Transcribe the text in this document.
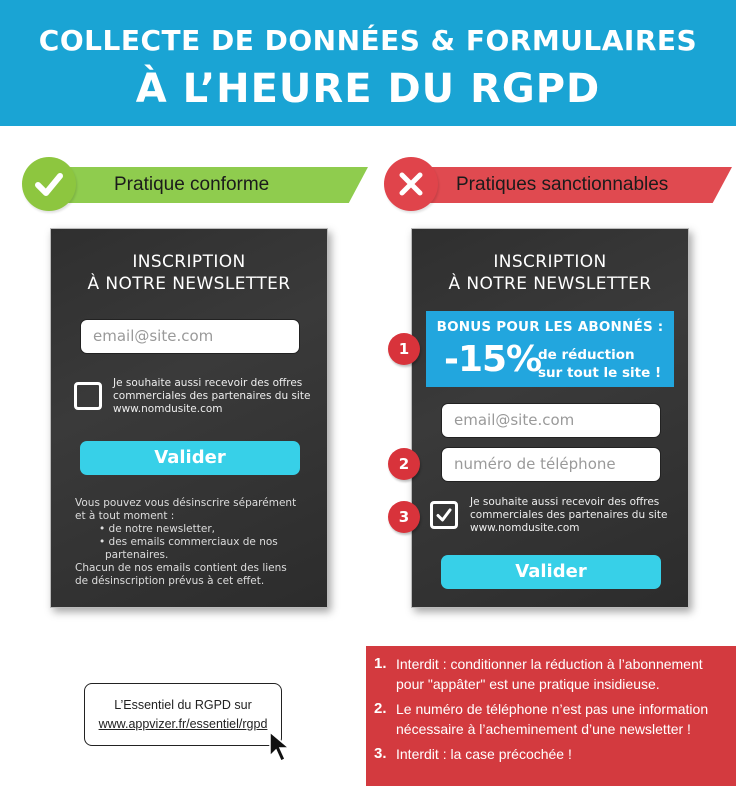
COLLECTE DE DONNÉES & FORMULAIRES
À L’HEURE DU RGPD
Pratique conforme	Pratiques sanctionnables
INSCRIPTION
À NOTRE NEWSLETTER
email@site.com
Je souhaite aussi recevoir des offres
commerciales des partenaires du site
www.nomdusite.com
Valider
Vous pouvez vous désinscrire séparément
et à tout moment :
• de notre newsletter,
• des emails commerciaux de nos
partenaires.
Chacun de nos emails contient des liens
de désinscription prévus à cet effet.
INSCRIPTION
À NOTRE NEWSLETTER
BONUS POUR LES ABONNÉS :
-15%
de réduction
sur tout le site !
email@site.com
numéro de téléphone
Je souhaite aussi recevoir des offres
commerciales des partenaires du site
www.nomdusite.com
Valider
1
2
3
L’Essentiel du RGPD sur
www.appvizer.fr/essentiel/rgpd
1. Interdit : conditionner la réduction à l’abonnement
pour "appâter" est une pratique insidieuse.
2. Le numéro de téléphone n’est pas une information
nécessaire à l’acheminement d’une newsletter !
3. Interdit : la case précochée !
